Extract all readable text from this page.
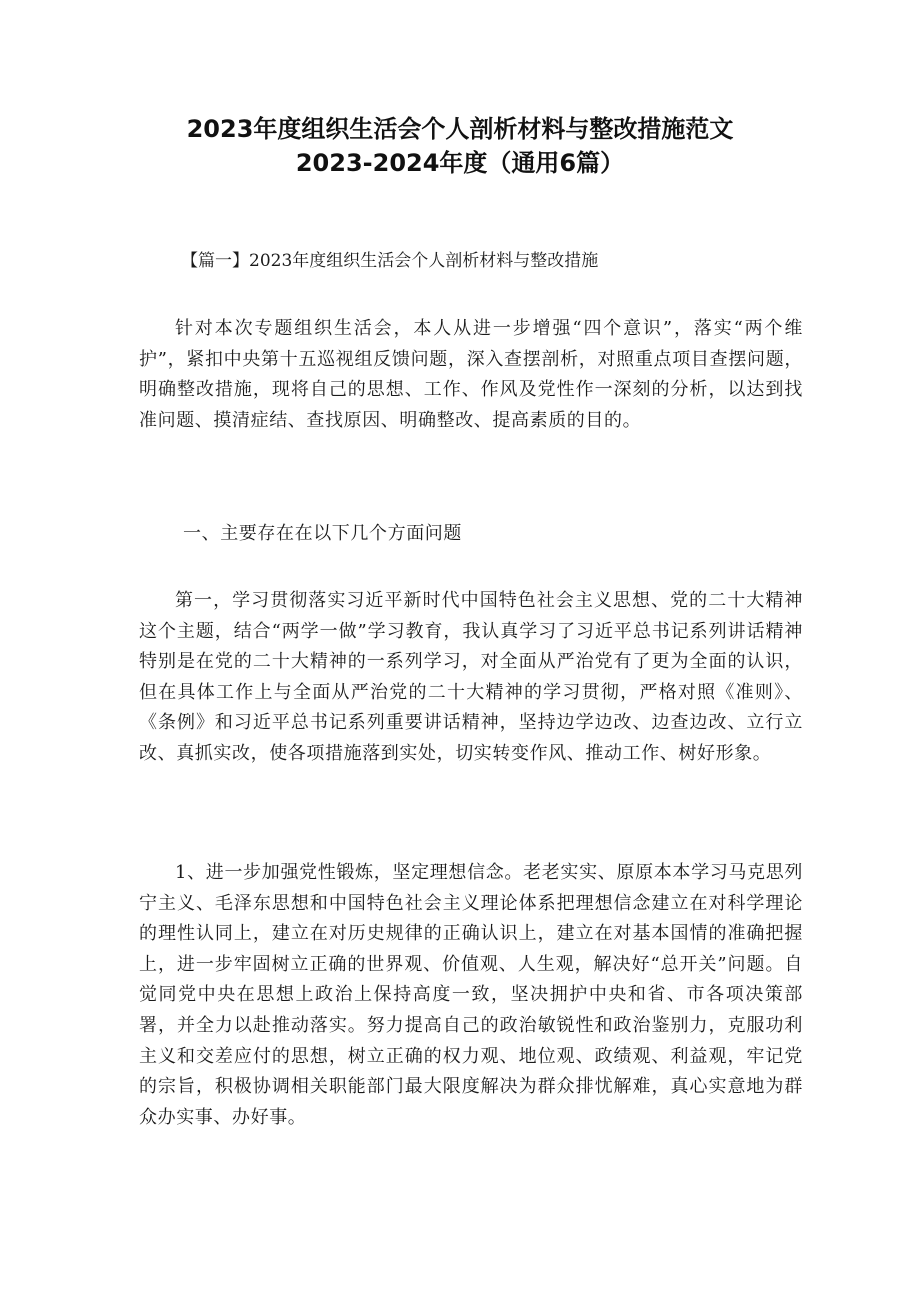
2023年度组织生活会个人剖析材料与整改措施范文
2023-2024年度（通用6篇）

【篇一】2023年度组织生活会个人剖析材料与整改措施

针对本次专题组织生活会，本人从进一步增强“四个意识”，落实“两个维护”，紧扣中央第十五巡视组反馈问题，深入查摆剖析，对照重点项目查摆问题，明确整改措施，现将自己的思想、工作、作风及党性作一深刻的分析，以达到找准问题、摸清症结、查找原因、明确整改、提高素质的目的。

一、主要存在在以下几个方面问题

第一，学习贯彻落实习近平新时代中国特色社会主义思想、党的二十大精神这个主题，结合“两学一做”学习教育，我认真学习了习近平总书记系列讲话精神特别是在党的二十大精神的一系列学习，对全面从严治党有了更为全面的认识，但在具体工作上与全面从严治党的二十大精神的学习贯彻，严格对照《准则》、《条例》和习近平总书记系列重要讲话精神，坚持边学边改、边查边改、立行立改、真抓实改，使各项措施落到实处，切实转变作风、推动工作、树好形象。

1、进一步加强党性锻炼，坚定理想信念。老老实实、原原本本学习马克思列宁主义、毛泽东思想和中国特色社会主义理论体系把理想信念建立在对科学理论的理性认同上，建立在对历史规律的正确认识上，建立在对基本国情的准确把握上，进一步牢固树立正确的世界观、价值观、人生观，解决好“总开关”问题。自觉同党中央在思想上政治上保持高度一致，坚决拥护中央和省、市各项决策部署，并全力以赴推动落实。努力提高自己的政治敏锐性和政治鉴别力，克服功利主义和交差应付的思想，树立正确的权力观、地位观、政绩观、利益观，牢记党的宗旨，积极协调相关职能部门最大限度解决为群众排忧解难，真心实意地为群众办实事、办好事。
